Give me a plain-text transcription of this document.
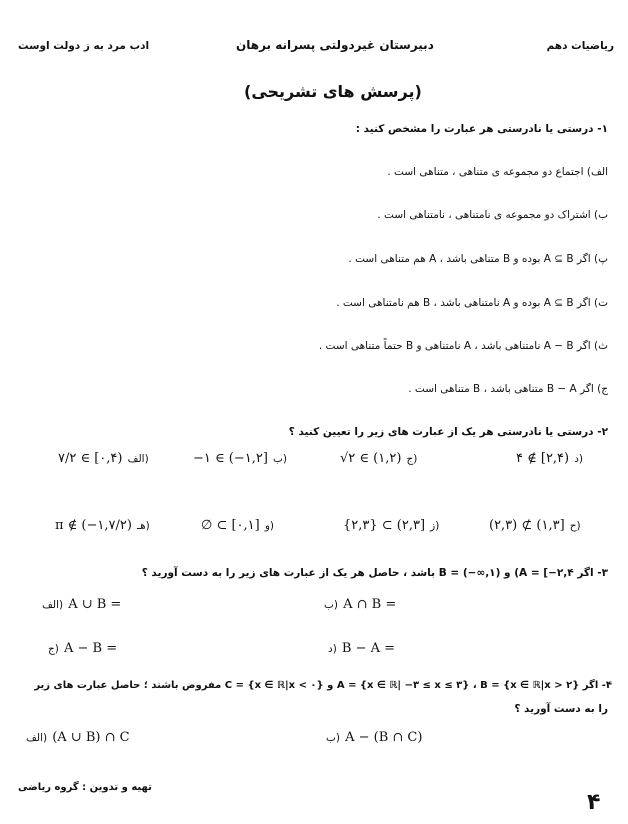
ریاضیات دهم
دبیرستان غیردولتی پسرانه برهان
ادب مرد به ز دولت اوست
(پرسش های تشریحی)
۱- درستی یا نادرستی هر عبارت را مشخص کنید :
الف) اجتماع دو مجموعه ی متناهی ، متناهی است .
ب) اشتراک دو مجموعه ی نامتناهی ، نامتناهی است .
پ) اگر A ⊆ B بوده و B متناهی باشد ، A هم متناهی است .
ت) اگر A ⊆ B بوده و A نامتناهی باشد ، B هم نامتناهی است .
ث) اگر A − B نامتناهی باشد ، A نامتناهی و B حتماً متناهی است .
ج) اگر B − A متناهی باشد ، B متناهی است .
۲- درستی یا نادرستی هر یک از عبارت های زیر را تعیین کنید ؟
۷/۲ ∈ [۰,۴) الف)	−۱ ∈ (−۱,۲] ب)	√۲ ∈ (۱,۲) ج)	۴ ∉ [۲,۴) د)
π ∉ (−۱,۷/۲) هـ)	∅ ⊂ [۰,۱] و)	{۲,۳} ⊂ (۲,۳] ز)	(۲,۳) ⊄ (۱,۳] ح)
۳- اگر A = [−۲,۴) و B = (−∞,۱) باشد ، حاصل هر یک از عبارت های زیر را به دست آورید ؟
الف) A ∪ B =	ب) A ∩ B =
ج) A − B =	د) B − A =
۴- اگر A = {x ∈ ℝ| −۳ ≤ x ≤ ۳} ، B = {x ∈ ℝ|x > ۲} و C = {x ∈ ℝ|x < ۰} مفروض باشند ؛ حاصل عبارت های زیر
را به دست آورید ؟
الف) (A ∪ B) ∩ C	ب) A − (B ∩ C)
تهیه و تدوین : گروه ریاضی
۴
